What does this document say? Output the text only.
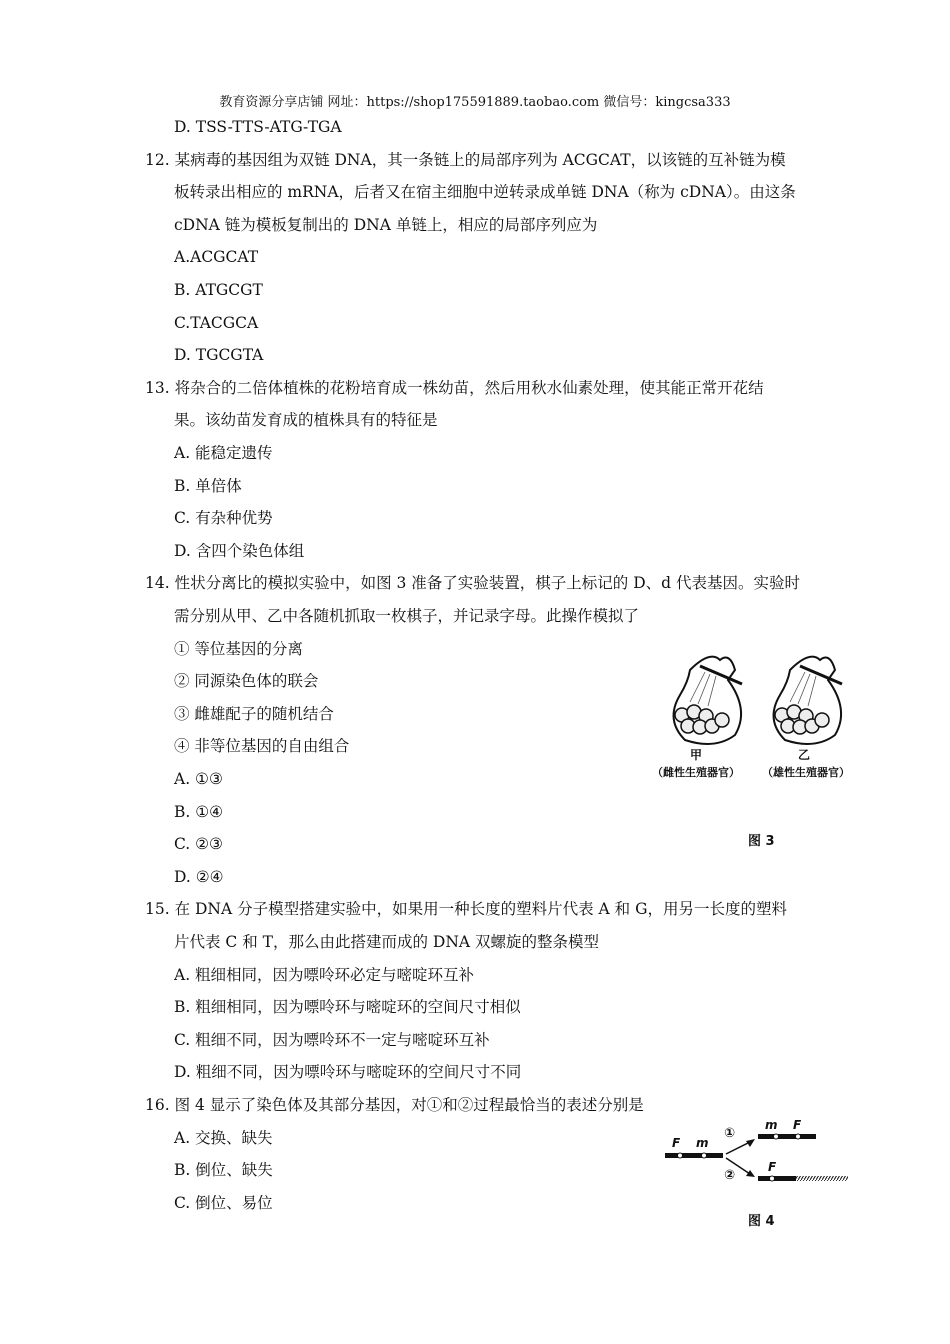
教育资源分享店铺 网址：https://shop175591889.taobao.com 微信号：kingcsa333
D. TSS-TTS-ATG-TGA
12. 某病毒的基因组为双链 DNA，其一条链上的局部序列为 ACGCAT，以该链的互补链为模
板转录出相应的 mRNA，后者又在宿主细胞中逆转录成单链 DNA（称为 cDNA）。由这条
cDNA 链为模板复制出的 DNA 单链上，相应的局部序列应为
A.ACGCAT
B. ATGCGT
C.TACGCA
D. TGCGTA
13. 将杂合的二倍体植株的花粉培育成一株幼苗，然后用秋水仙素处理，使其能正常开花结
果。该幼苗发育成的植株具有的特征是
A. 能稳定遗传
B. 单倍体
C. 有杂种优势
D. 含四个染色体组
14. 性状分离比的模拟实验中，如图 3 准备了实验装置，棋子上标记的 D、d 代表基因。实验时
需分别从甲、乙中各随机抓取一枚棋子，并记录字母。此操作模拟了
① 等位基因的分离
② 同源染色体的联会
③ 雌雄配子的随机结合
④ 非等位基因的自由组合
A. ①③
B. ①④
C. ②③
D. ②④
15. 在 DNA 分子模型搭建实验中，如果用一种长度的塑料片代表 A 和 G，用另一长度的塑料
片代表 C 和 T，那么由此搭建而成的 DNA 双螺旋的整条模型
A. 粗细相同，因为嘌呤环必定与嘧啶环互补
B. 粗细相同，因为嘌呤环与嘧啶环的空间尺寸相似
C. 粗细不同，因为嘌呤环不一定与嘧啶环互补
D. 粗细不同，因为嘌呤环与嘧啶环的空间尺寸不同
16. 图 4 显示了染色体及其部分基因，对①和②过程最恰当的表述分别是
A. 交换、缺失
B. 倒位、缺失
C. 倒位、易位
甲
（雌性生殖器官）
乙
（雄性生殖器官）
图 3
F m
①
②
m F
F
图 4
